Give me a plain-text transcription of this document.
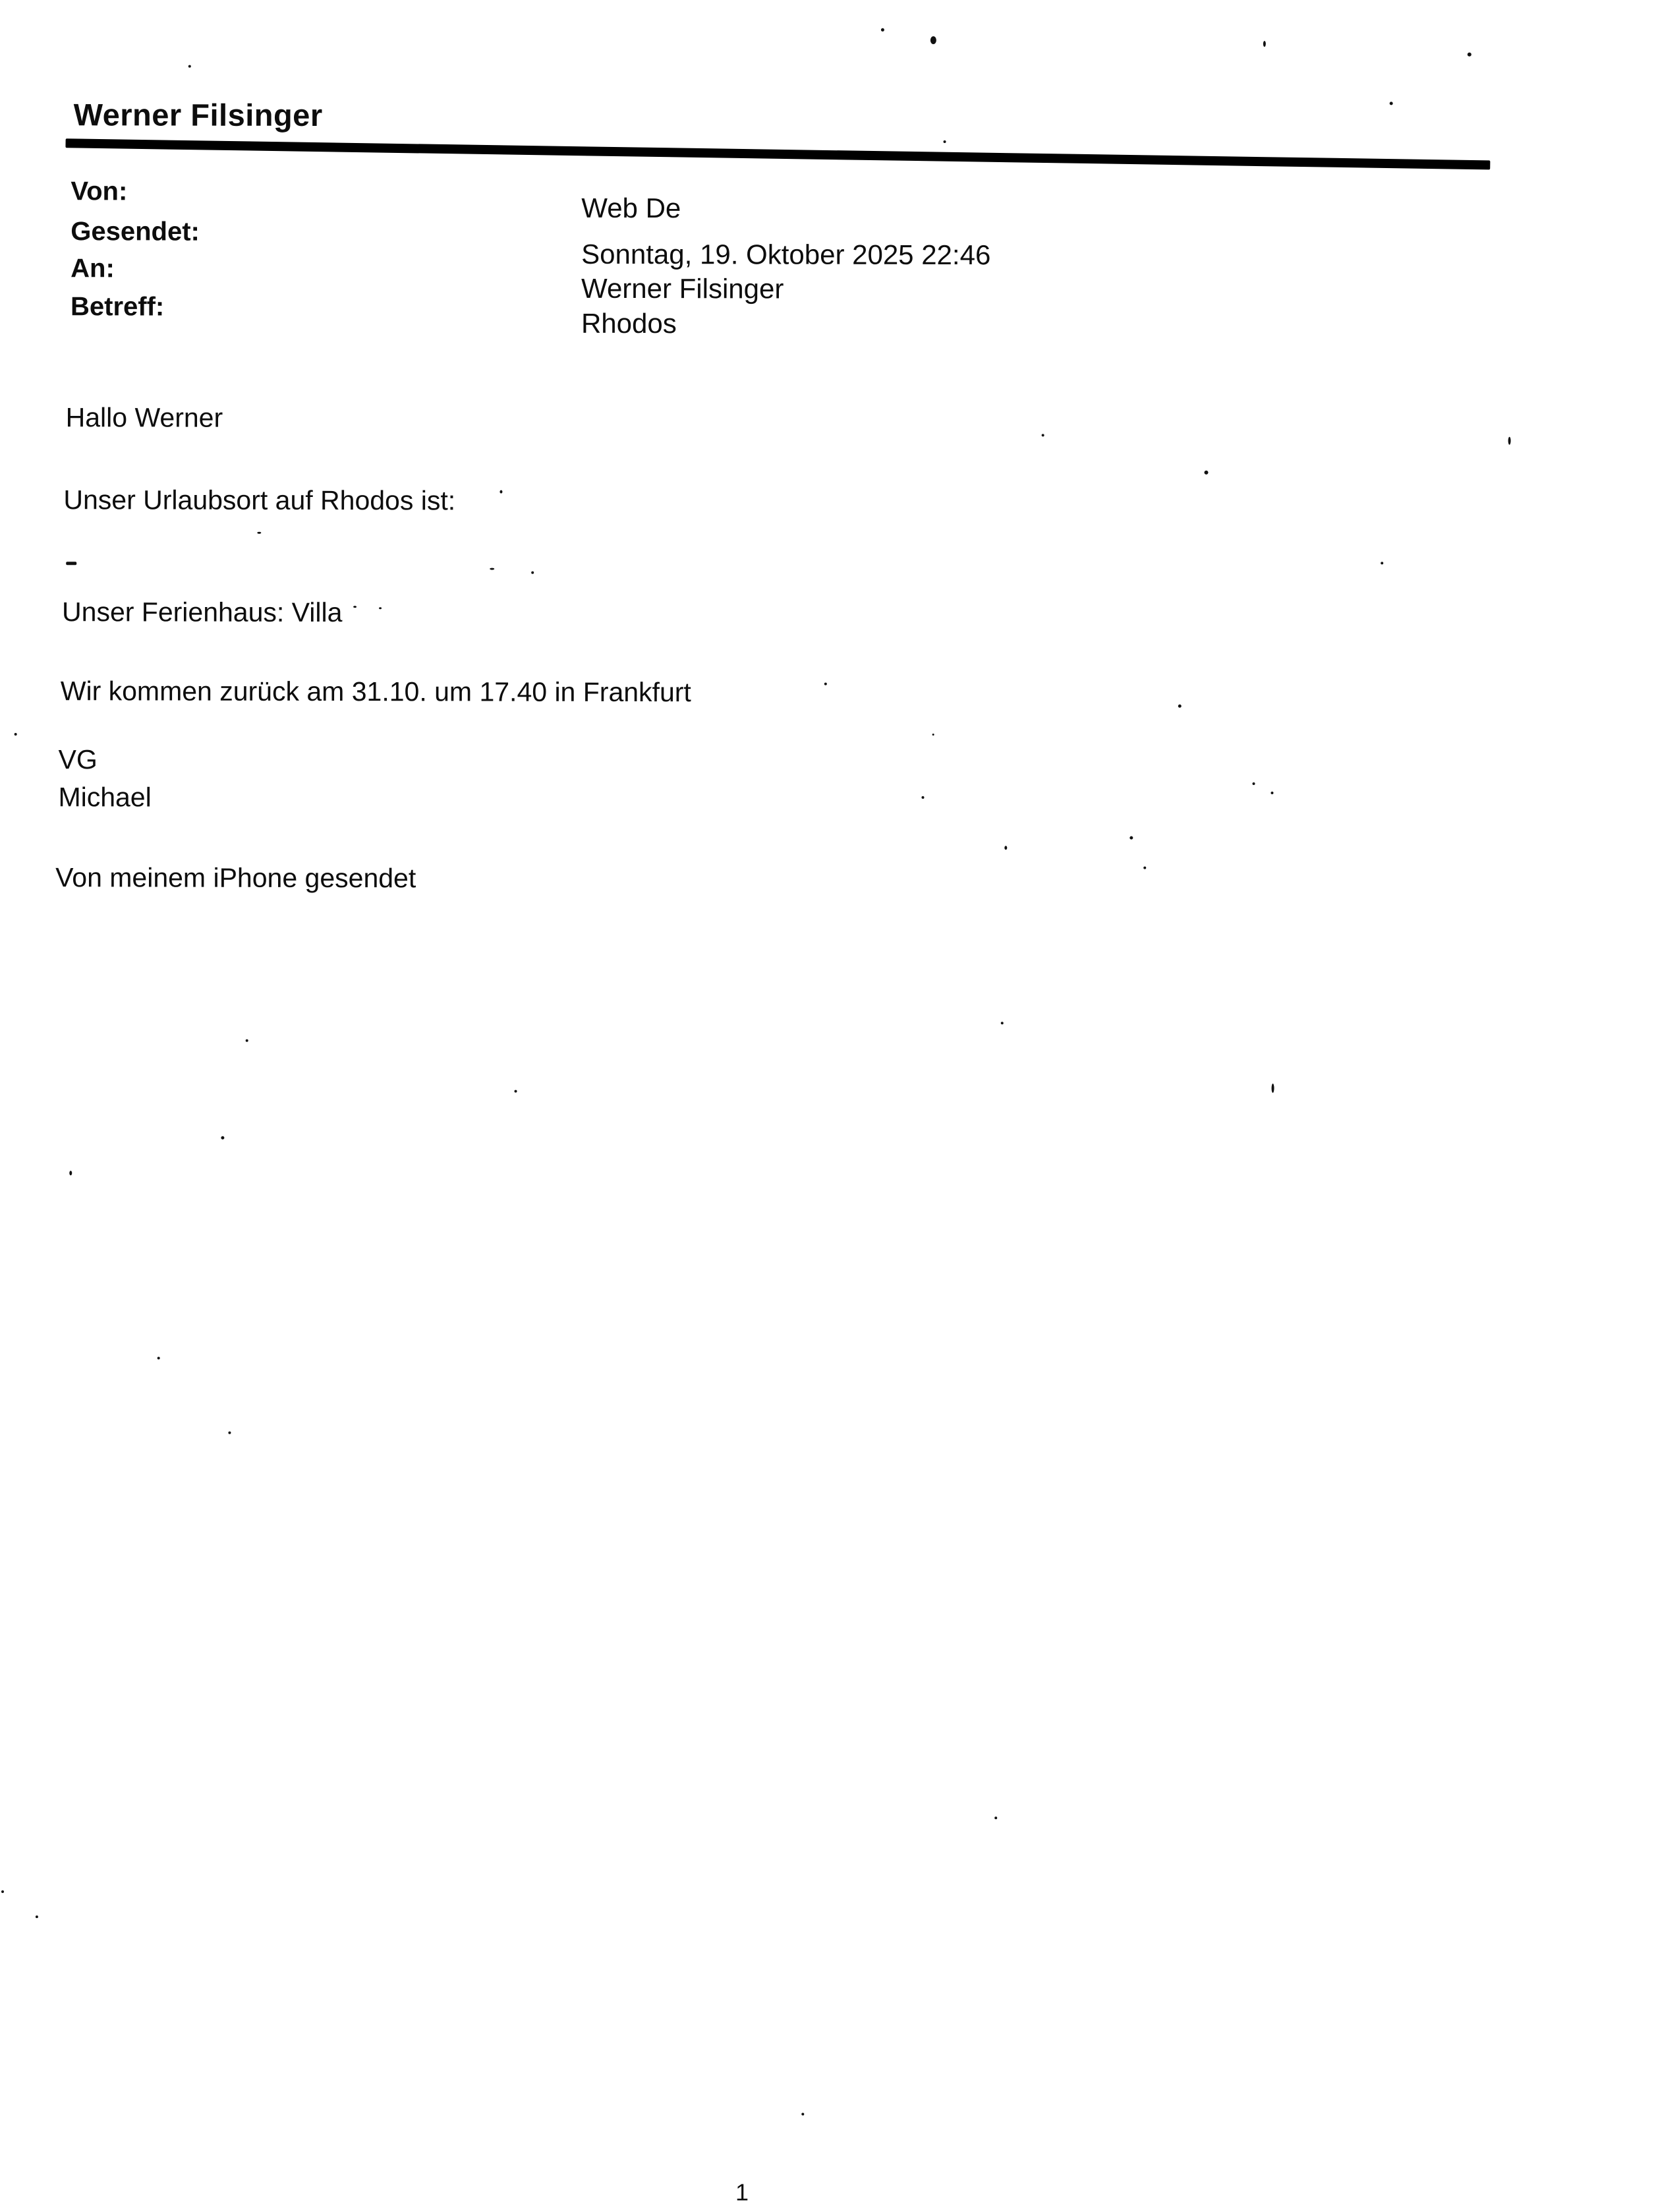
Werner Filsinger
Von:
Gesendet:
An:
Betreff:
Web De
Sonntag, 19. Oktober 2025 22:46
Werner Filsinger
Rhodos
Hallo Werner
Unser Urlaubsort auf Rhodos ist:
Unser Ferienhaus: Villa
Wir kommen zurück am 31.10. um 17.40 in Frankfurt
VG
Michael
Von meinem iPhone gesendet
1
